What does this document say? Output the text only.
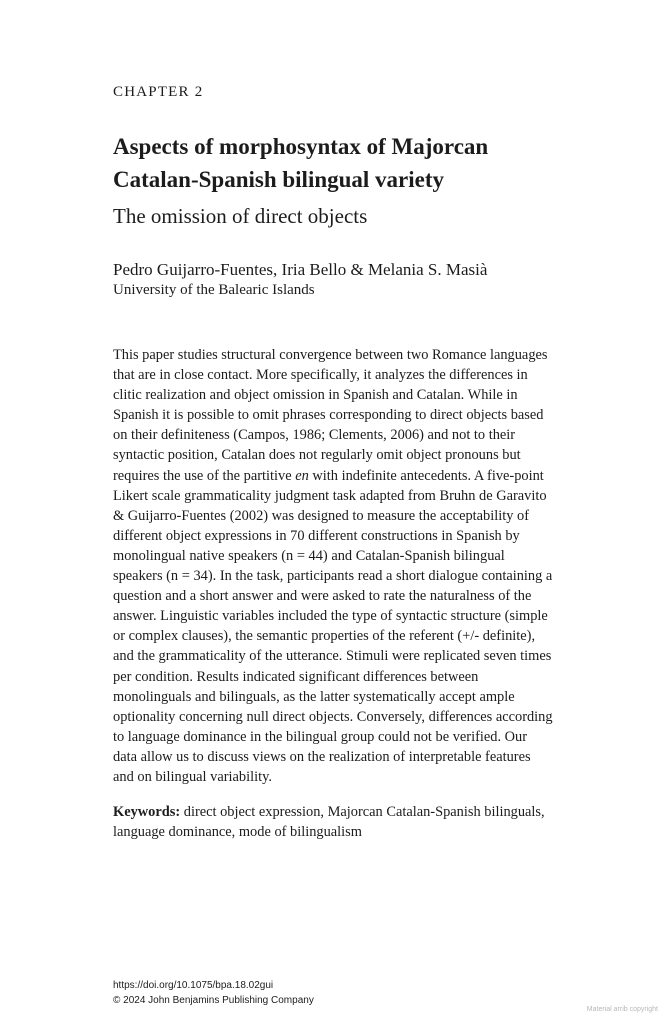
CHAPTER 2
Aspects of morphosyntax of Majorcan
Catalan-Spanish bilingual variety
The omission of direct objects
Pedro Guijarro-Fuentes, Iria Bello & Melania S. Masià
University of the Balearic Islands
This paper studies structural convergence between two Romance languages
that are in close contact. More specifically, it analyzes the differences in
clitic realization and object omission in Spanish and Catalan. While in
Spanish it is possible to omit phrases corresponding to direct objects based
on their definiteness (Campos, 1986; Clements, 2006) and not to their
syntactic position, Catalan does not regularly omit object pronouns but
requires the use of the partitive en with indefinite antecedents. A five-point
Likert scale grammaticality judgment task adapted from Bruhn de Garavito
& Guijarro-Fuentes (2002) was designed to measure the acceptability of
different object expressions in 70 different constructions in Spanish by
monolingual native speakers (n = 44) and Catalan-Spanish bilingual
speakers (n = 34). In the task, participants read a short dialogue containing a
question and a short answer and were asked to rate the naturalness of the
answer. Linguistic variables included the type of syntactic structure (simple
or complex clauses), the semantic properties of the referent (+/- definite),
and the grammaticality of the utterance. Stimuli were replicated seven times
per condition. Results indicated significant differences between
monolinguals and bilinguals, as the latter systematically accept ample
optionality concerning null direct objects. Conversely, differences according
to language dominance in the bilingual group could not be verified. Our
data allow us to discuss views on the realization of interpretable features
and on bilingual variability.
Keywords: direct object expression, Majorcan Catalan-Spanish bilinguals,
language dominance, mode of bilingualism
https://doi.org/10.1075/bpa.18.02gui
© 2024 John Benjamins Publishing Company
Material arrib copyright
